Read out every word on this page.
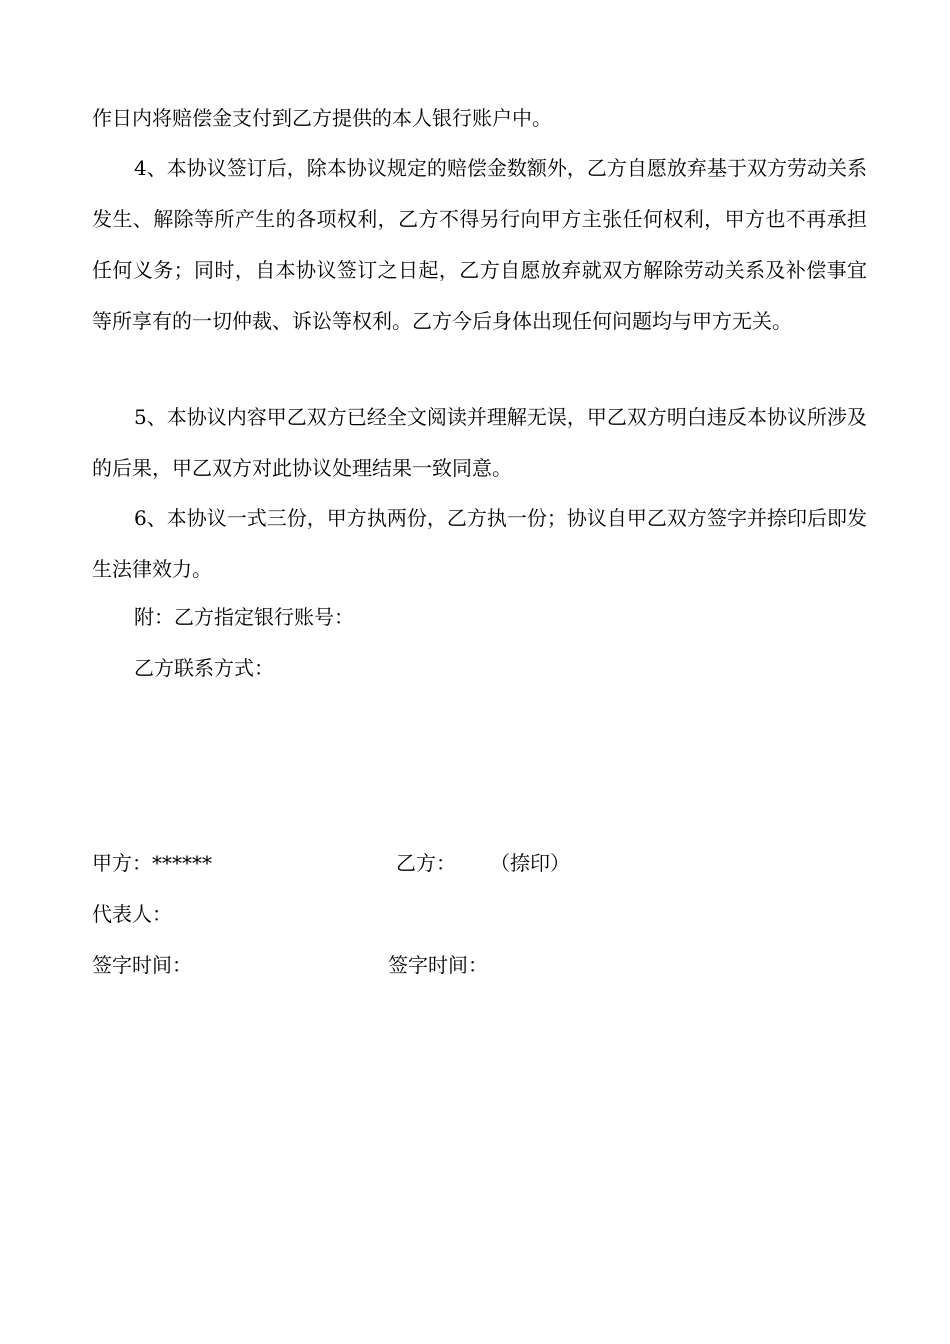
作日内将赔偿金支付到乙方提供的本人银行账户中。

4、本协议签订后，除本协议规定的赔偿金数额外，乙方自愿放弃基于双方劳动关系发生、解除等所产生的各项权利，乙方不得另行向甲方主张任何权利，甲方也不再承担任何义务；同时，自本协议签订之日起，乙方自愿放弃就双方解除劳动关系及补偿事宜等所享有的一切仲裁、诉讼等权利。乙方今后身体出现任何问题均与甲方无关。

5、本协议内容甲乙双方已经全文阅读并理解无误，甲乙双方明白违反本协议所涉及的后果，甲乙双方对此协议处理结果一致同意。

6、本协议一式三份，甲方执两份，乙方执一份；协议自甲乙双方签字并捺印后即发生法律效力。

附：乙方指定银行账号：

乙方联系方式：

甲方：******	乙方： （捺印）
代表人：
签字时间：	签字时间：
